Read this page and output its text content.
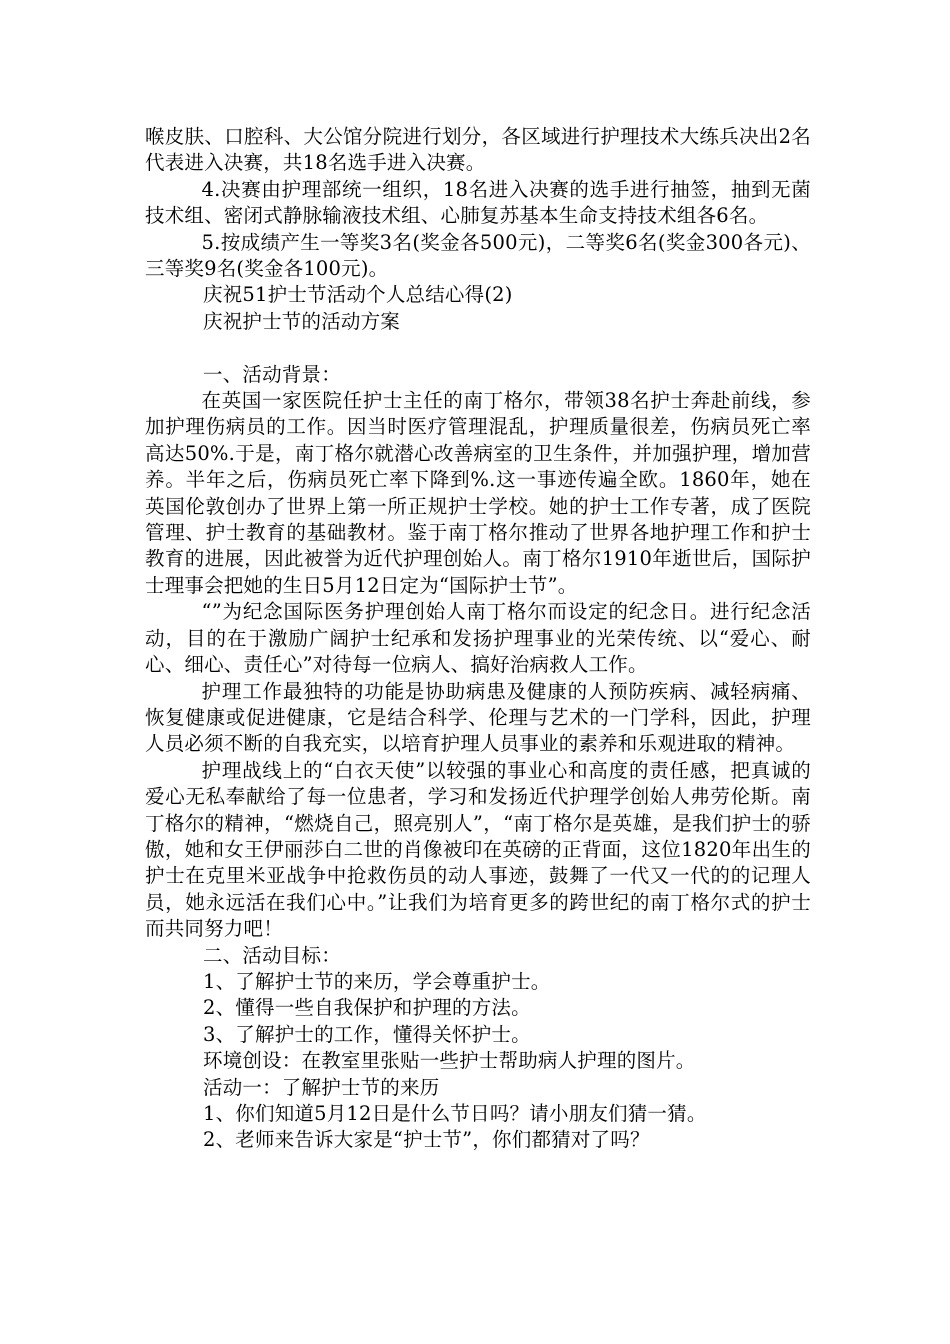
喉皮肤、口腔科、大公馆分院进行划分，各区域进行护理技术大练兵决出2名代表进入决赛，共18名选手进入决赛。

4.决赛由护理部统一组织，18名进入决赛的选手进行抽签，抽到无菌技术组、密闭式静脉输液技术组、心肺复苏基本生命支持技术组各6名。

5.按成绩产生一等奖3名(奖金各500元)，二等奖6名(奖金300各元)、三等奖9名(奖金各100元)。

庆祝51护士节活动个人总结心得(2)

庆祝护士节的活动方案

一、活动背景：

在英国一家医院任护士主任的南丁格尔，带领38名护士奔赴前线，参加护理伤病员的工作。因当时医疗管理混乱，护理质量很差，伤病员死亡率高达50%.于是，南丁格尔就潜心改善病室的卫生条件，并加强护理，增加营养。半年之后，伤病员死亡率下降到%.这一事迹传遍全欧。1860年，她在英国伦敦创办了世界上第一所正规护士学校。她的护士工作专著，成了医院管理、护士教育的基础教材。鉴于南丁格尔推动了世界各地护理工作和护士教育的进展，因此被誉为近代护理创始人。南丁格尔1910年逝世后，国际护士理事会把她的生日5月12日定为“国际护士节”。

“”为纪念国际医务护理创始人南丁格尔而设定的纪念日。进行纪念活动，目的在于激励广阔护士纪承和发扬护理事业的光荣传统、以“爱心、耐心、细心、责任心”对待每一位病人、搞好治病救人工作。

护理工作最独特的功能是协助病患及健康的人预防疾病、减轻病痛、恢复健康或促进健康，它是结合科学、伦理与艺术的一门学科，因此，护理人员必须不断的自我充实，以培育护理人员事业的素养和乐观进取的精神。

护理战线上的“白衣天使”以较强的事业心和高度的责任感，把真诚的爱心无私奉献给了每一位患者，学习和发扬近代护理学创始人弗劳伦斯。南丁格尔的精神，“燃烧自己，照亮别人”，“南丁格尔是英雄，是我们护士的骄傲，她和女王伊丽莎白二世的肖像被印在英磅的正背面，这位1820年出生的护士在克里米亚战争中抢救伤员的动人事迹，鼓舞了一代又一代的的记理人员，她永远活在我们心中。”让我们为培育更多的跨世纪的南丁格尔式的护士而共同努力吧！

二、活动目标：

1、了解护士节的来历，学会尊重护士。

2、懂得一些自我保护和护理的方法。

3、了解护士的工作，懂得关怀护士。

环境创设：在教室里张贴一些护士帮助病人护理的图片。

活动一：了解护士节的来历

1、你们知道5月12日是什么节日吗？请小朋友们猜一猜。

2、老师来告诉大家是“护士节”，你们都猜对了吗？
